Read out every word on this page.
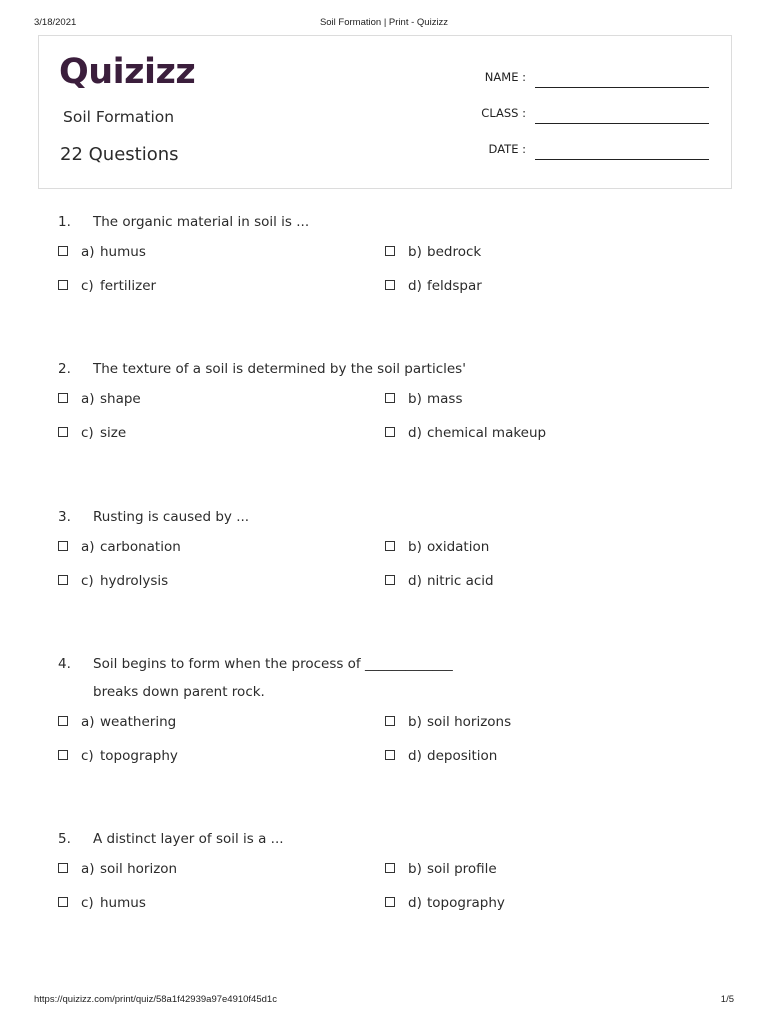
3/18/2021	Soil Formation | Print - Quizizz
Quizizz
Soil Formation
22 Questions
NAME :
CLASS :
DATE :
1. The organic material in soil is ...
a) humus	b) bedrock
c) fertilizer	d) feldspar
2. The texture of a soil is determined by the soil particles'
a) shape	b) mass
c) size	d) chemical makeup
3. Rusting is caused by ...
a) carbonation	b) oxidation
c) hydrolysis	d) nitric acid
4. Soil begins to form when the process of _____________
breaks down parent rock.
a) weathering	b) soil horizons
c) topography	d) deposition
5. A distinct layer of soil is a ...
a) soil horizon	b) soil profile
c) humus	d) topography
https://quizizz.com/print/quiz/58a1f42939a97e4910f45d1c	1/5
